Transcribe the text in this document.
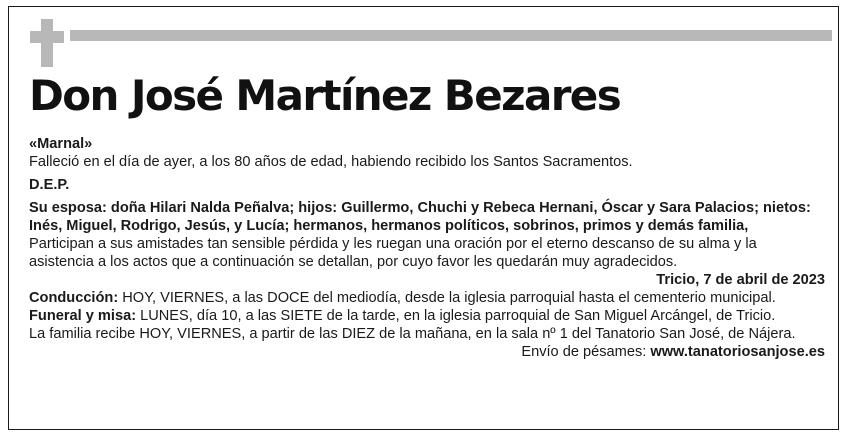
Don José Martínez Bezares

«Marnal»

Falleció en el día de ayer, a los 80 años de edad, habiendo recibido los Santos Sacramentos.

D.E.P.

Su esposa: doña Hilari Nalda Peñalva; hijos: Guillermo, Chuchi y Rebeca Hernani, Óscar y Sara Palacios; nietos: Inés, Miguel, Rodrigo, Jesús, y Lucía; hermanos, hermanos políticos, sobrinos, primos y demás familia,

Participan a sus amistades tan sensible pérdida y les ruegan una oración por el eterno descanso de su alma y la asistencia a los actos que a continuación se detallan, por cuyo favor les quedarán muy agradecidos.

Tricio, 7 de abril de 2023

Conducción: HOY, VIERNES, a las DOCE del mediodía, desde la iglesia parroquial hasta el cementerio municipal.

Funeral y misa: LUNES, día 10, a las SIETE de la tarde, en la iglesia parroquial de San Miguel Arcángel, de Tricio.

La familia recibe HOY, VIERNES, a partir de las DIEZ de la mañana, en la sala nº 1 del Tanatorio San José, de Nájera.

Envío de pésames: www.tanatoriosanjose.es
